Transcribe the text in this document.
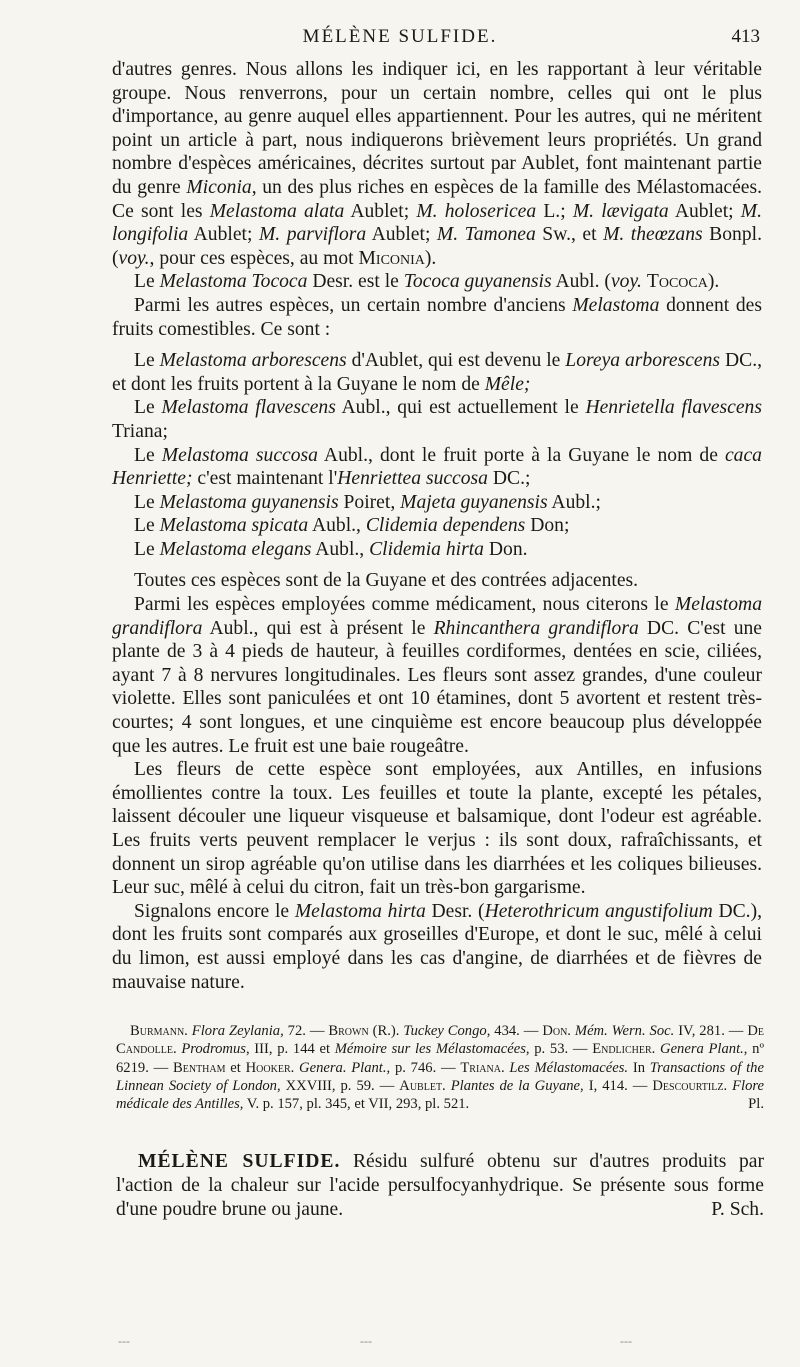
MÉLÈNE SULFIDE.	413

d'autres genres. Nous allons les indiquer ici, en les rapportant à leur véritable groupe. Nous renverrons, pour un certain nombre, celles qui ont le plus d'importance, au genre auquel elles appartiennent. Pour les autres, qui ne méritent point un article à part, nous indiquerons brièvement leurs propriétés. Un grand nombre d'espèces américaines, décrites surtout par Aublet, font maintenant partie du genre Miconia, un des plus riches en espèces de la famille des Mélastomacées. Ce sont les Melastoma alata Aublet; M. holosericea L.; M. lævigata Aublet; M. longifolia Aublet; M. parviflora Aublet; M. Tamonea Sw., et M. theœzans Bonpl. (voy., pour ces espèces, au mot Miconia).

Le Melastoma Tococa Desr. est le Tococa guyanensis Aubl. (voy. Tococa).

Parmi les autres espèces, un certain nombre d'anciens Melastoma donnent des fruits comestibles. Ce sont :

Le Melastoma arborescens d'Aublet, qui est devenu le Loreya arborescens DC., et dont les fruits portent à la Guyane le nom de Mêle;

Le Melastoma flavescens Aubl., qui est actuellement le Henrietella flavescens Triana;

Le Melastoma succosa Aubl., dont le fruit porte à la Guyane le nom de caca Henriette; c'est maintenant l'Henriettea succosa DC.;

Le Melastoma guyanensis Poiret, Majeta guyanensis Aubl.;

Le Melastoma spicata Aubl., Clidemia dependens Don;

Le Melastoma elegans Aubl., Clidemia hirta Don.

Toutes ces espèces sont de la Guyane et des contrées adjacentes.

Parmi les espèces employées comme médicament, nous citerons le Melastoma grandiflora Aubl., qui est à présent le Rhincanthera grandiflora DC. C'est une plante de 3 à 4 pieds de hauteur, à feuilles cordiformes, dentées en scie, ciliées, ayant 7 à 8 nervures longitudinales. Les fleurs sont assez grandes, d'une couleur violette. Elles sont paniculées et ont 10 étamines, dont 5 avortent et restent très-courtes; 4 sont longues, et une cinquième est encore beaucoup plus développée que les autres. Le fruit est une baie rougeâtre.

Les fleurs de cette espèce sont employées, aux Antilles, en infusions émollientes contre la toux. Les feuilles et toute la plante, excepté les pétales, laissent découler une liqueur visqueuse et balsamique, dont l'odeur est agréable. Les fruits verts peuvent remplacer le verjus : ils sont doux, rafraîchissants, et donnent un sirop agréable qu'on utilise dans les diarrhées et les coliques bilieuses. Leur suc, mêlé à celui du citron, fait un très-bon gargarisme.

Signalons encore le Melastoma hirta Desr. (Heterothricum angustifolium DC.), dont les fruits sont comparés aux groseilles d'Europe, et dont le suc, mêlé à celui du limon, est aussi employé dans les cas d'angine, de diarrhées et de fièvres de mauvaise nature.

Burmann. Flora Zeylania, 72. — Brown (R.). Tuckey Congo, 434. — Don. Mém. Wern. Soc. IV, 281. — De Candolle. Prodromus, III, p. 144 et Mémoire sur les Mélastomacées, p. 53. — Endlicher. Genera Plant., nº 6219. — Bentham et Hooker. Genera. Plant., p. 746. — Triana. Les Mélastomacées. In Transactions of the Linnean Society of London, XXVIII, p. 59. — Aublet. Plantes de la Guyane, I, 414. — Descourtilz. Flore médicale des Antilles, V. p. 157, pl. 345, et VII, 293, pl. 521.	Pl.

MÉLÈNE SULFIDE. Résidu sulfuré obtenu sur d'autres produits par l'action de la chaleur sur l'acide persulfocyanhydrique. Se présente sous forme d'une poudre brune ou jaune.	P. Sch.

---	---	---
